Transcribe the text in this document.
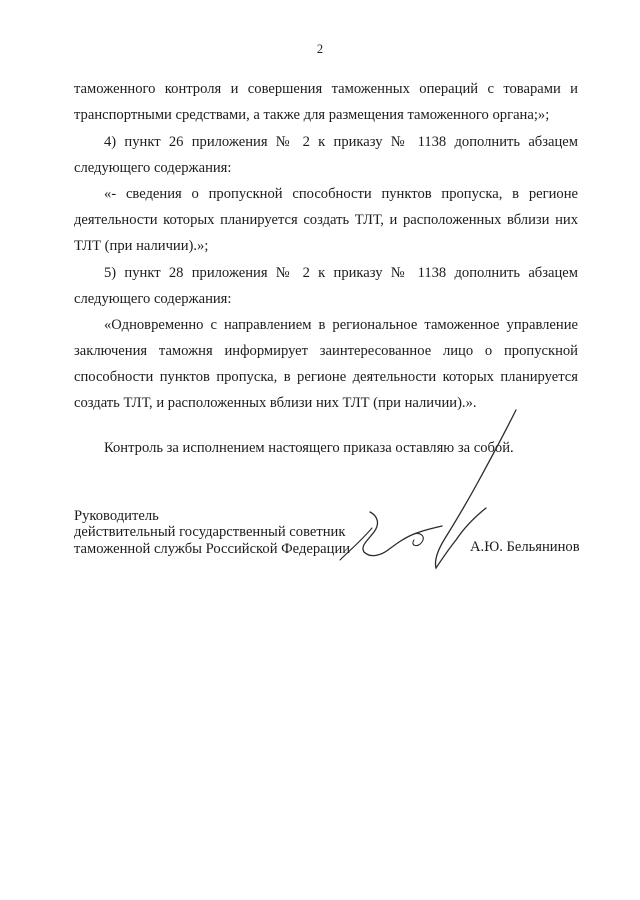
2
таможенного контроля и совершения таможенных операций с товарами и
транспортными средствами, а также для размещения таможенного органа;»;
4) пункт 26 приложения № 2 к приказу № 1138 дополнить абзацем
следующего содержания:
«- сведения о пропускной способности пунктов пропуска, в регионе
деятельности которых планируется создать ТЛТ, и расположенных вблизи них
ТЛТ (при наличии).»;
5) пункт 28 приложения № 2 к приказу № 1138 дополнить абзацем
следующего содержания:
«Одновременно с направлением в региональное таможенное управление
заключения таможня информирует заинтересованное лицо о пропускной
способности пунктов пропуска, в регионе деятельности которых планируется
создать ТЛТ, и расположенных вблизи них ТЛТ (при наличии).».
Контроль за исполнением настоящего приказа оставляю за собой.
Руководитель
действительный государственный советник
таможенной службы Российской Федерации	А.Ю. Бельянинов
